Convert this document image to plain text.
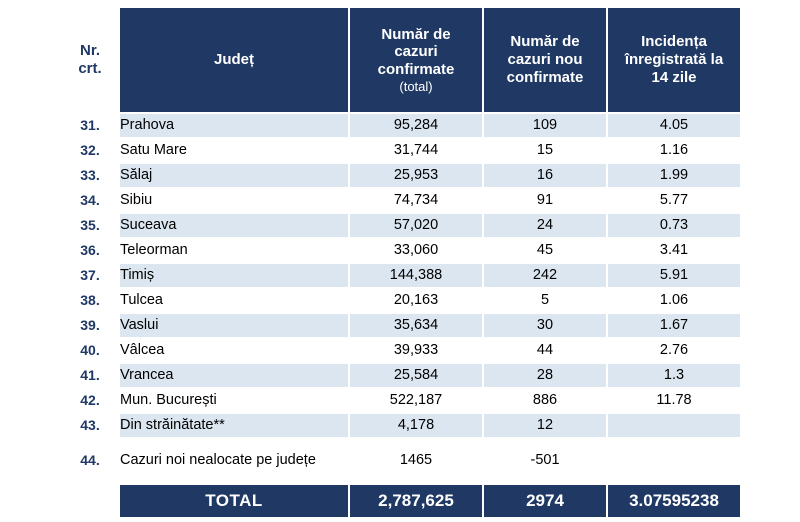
Nr.
crt.
	Județ	
Număr de
cazuri
confirmate
(total)

Număr de
cazuri nou
confirmate

Incidența
înregistrată la
14 zile

31.	Prahova	95,284	109	4.05
32.	Satu Mare	31,744	15	1.16
33.	Sălaj	25,953	16	1.99
34.	Sibiu	74,734	91	5.77
35.	Suceava	57,020	24	0.73
36.	Teleorman	33,060	45	3.41
37.	Timiș	144,388	242	5.91
38.	Tulcea	20,163	5	1.06
39.	Vaslui	35,634	30	1.67
40.	Vâlcea	39,933	44	2.76
41.	Vrancea	25,584	28	1.3
42.	Mun. București	522,187	886	11.78
43.	Din străinătate**	4,178	12	
44.	Cazuri noi nealocate pe județe	1465	-501	
	TOTAL	2,787,625	2974	3.07595238
